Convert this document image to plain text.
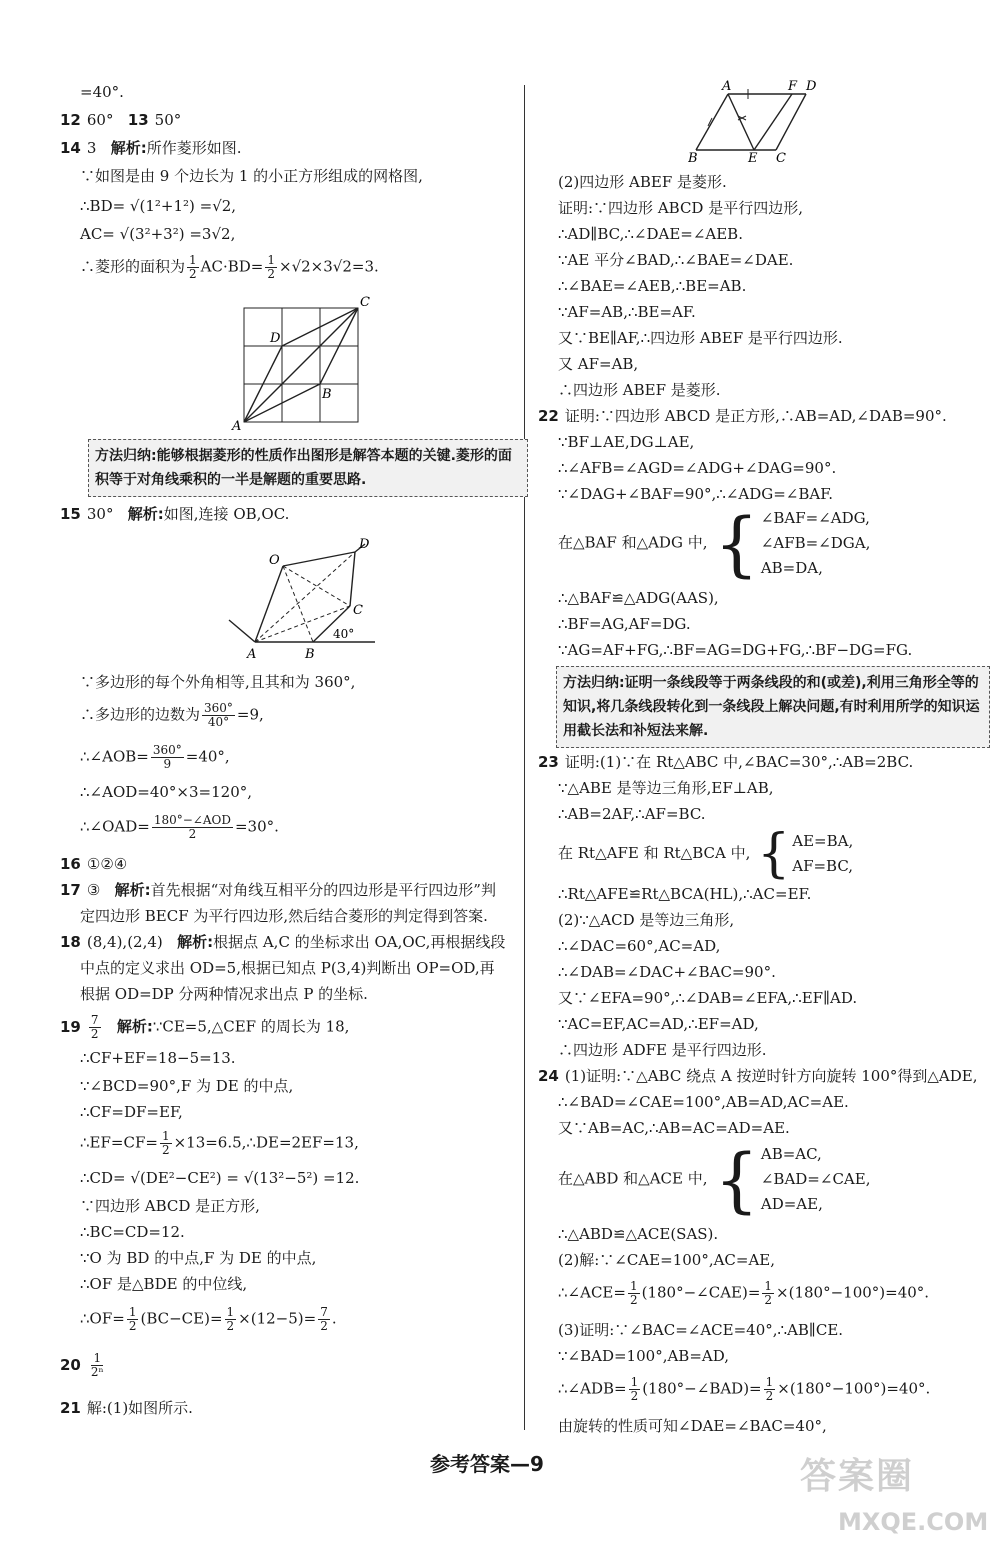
=40°.
12 60° 13 50°
14 3 解析:所作菱形如图.
∵如图是由 9 个边长为 1 的小正方形组成的网格图,
∴BD= √(1²+1²) =√2,
AC= √(3²+3²) =3√2,
∴菱形的面积为 $\frac{1}{2} AC\cdot BD= \frac{1}{2} \times√2\times 3√2=3$.
C
D
B
A
方法归纳:能够根据菱形的性质作出图形是解答本题的关键.菱形的面积等于对角线乘积的一半是解题的重要思路.
15 30° 解析:如图,连接 OB,OC.
O
D
C
A	B
40°
∵多边形的每个外角相等,且其和为 360°,
∴多边形的边数为 $\frac{360^\circ}{40^\circ} =9$,
∴∠AOB= $\frac{360^\circ}{9} =40^\circ$,
∴∠AOD=40°×3=120°,
∴∠OAD= $\frac{\text{180°−∠AOD}}{2} =30^\circ$.
16 ①②④
17 ③ 解析:首先根据“对角线互相平分的四边形是平行四边形”判
定四边形 BECF 为平行四边形,然后结合菱形的判定得到答案.
18 (8,4),(2,4) 解析:根据点 A,C 的坐标求出 OA,OC,再根据线段
中点的定义求出 OD=5,根据已知点 P(3,4)判断出 OP=OD,再
根据 OD=DP 分两种情况求出点 P 的坐标.
$19 \frac{7}{2}$ 解析:∵CE=5,△CEF 的周长为 18,
∴CF+EF=18−5=13.
∵∠BCD=90°,F 为 DE 的中点,
∴CF=DF=EF,
∴EF=CF= $\frac{1}{2}$ ×13=6.5,∴DE=2EF=13,
∴CD= √(DE²−CE²) = √(13²−5²) =12.
∵四边形 ABCD 是正方形,
∴BC=CD=12.
∵O 为 BD 的中点,F 为 DE 的中点,
∴OF 是△BDE 的中位线,
∴OF= $\frac{1}{2} (BC-CE)= \frac{1}{2} \times(12-5)= \frac{7}{2}$ .
$20 \frac{1}{\text{2ⁿ}}$
21 解:(1)如图所示.
A	F D
B	E C
(2)四边形 ABEF 是菱形.
证明:∵四边形 ABCD 是平行四边形,
∴AD∥BC,∴∠DAE=∠AEB.
∵AE 平分∠BAD,∴∠BAE=∠DAE.
∴∠BAE=∠AEB,∴BE=AB.
∵AF=AB,∴BE=AF.
又∵BE∥AF,∴四边形 ABEF 是平行四边形.
又 AF=AB,
∴四边形 ABEF 是菱形.
22 证明:∵四边形 ABCD 是正方形,∴AB=AD,∠DAB=90°.
∵BF⊥AE,DG⊥AE,
∴∠AFB=∠AGD=∠ADG+∠DAG=90°.
∵∠DAG+∠BAF=90°,∴∠ADG=∠BAF.
在△BAF 和△ADG 中, { ∠BAF=∠ADG,
∠AFB=∠DGA,
AB=DA,
∴△BAF≌△ADG(AAS),
∴BF=AG,AF=DG.
∵AG=AF+FG,∴BF=AG=DG+FG,∴BF−DG=FG.
方法归纳:证明一条线段等于两条线段的和(或差),利用三角形全等的知识,将几条线段转化到一条线段上解决问题,有时利用所学的知识运用截长法和补短法来解.
23 证明:(1)∵在 Rt△ABC 中,∠BAC=30°,∴AB=2BC.
∵△ABE 是等边三角形,EF⊥AB,
∴AB=2AF,∴AF=BC.
在 Rt△AFE 和 Rt△BCA 中, { AE=BA,
AF=BC,
∴Rt△AFE≌Rt△BCA(HL),∴AC=EF.
(2)∵△ACD 是等边三角形,
∴∠DAC=60°,AC=AD,
∴∠DAB=∠DAC+∠BAC=90°.
又∵∠EFA=90°,∴∠DAB=∠EFA,∴EF∥AD.
∵AC=EF,AC=AD,∴EF=AD,
∴四边形 ADFE 是平行四边形.
24 (1)证明:∵△ABC 绕点 A 按逆时针方向旋转 100°得到△ADE,
∴∠BAD=∠CAE=100°,AB=AD,AC=AE.
又∵AB=AC,∴AB=AC=AD=AE.
在△ABD 和△ACE 中, { AB=AC,
∠BAD=∠CAE,
AD=AE,
∴△ABD≌△ACE(SAS).
(2)解:∵∠CAE=100°,AC=AE,
∴∠ACE= $\frac{1}{2}$ (180°−∠CAE)= $\frac{1}{2} \times(180^\circ-100^\circ)=40^\circ$.
(3)证明:∵∠BAC=∠ACE=40°,∴AB∥CE.
∵∠BAD=100°,AB=AD,
∴∠ADB= $\frac{1}{2}$ (180°−∠BAD)= $\frac{1}{2} \times(180^\circ-100^\circ)=40^\circ$.
由旋转的性质可知∠DAE=∠BAC=40°,
参考答案—9	答案圈
MXQE.COM
